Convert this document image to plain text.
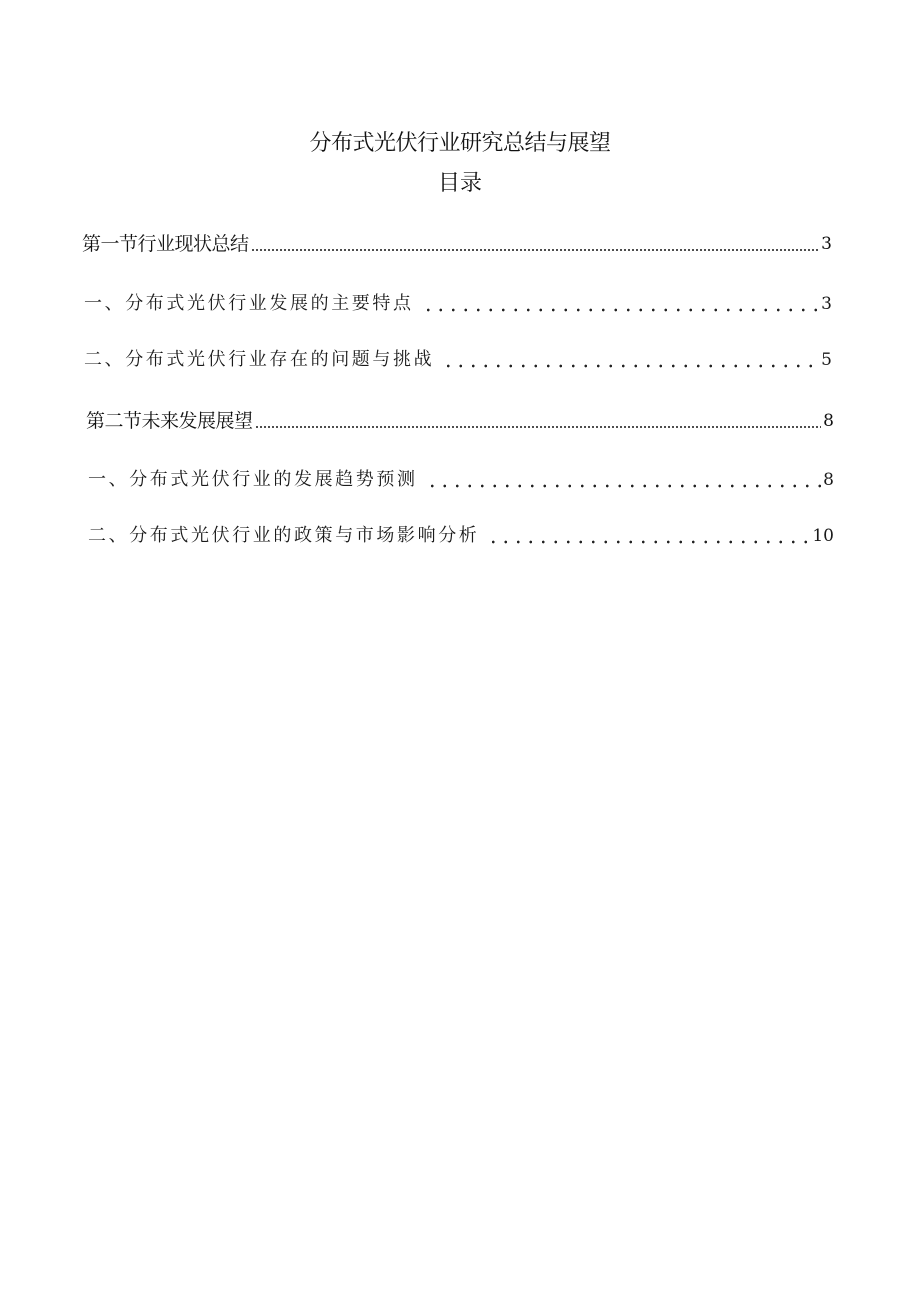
分布式光伏行业研究总结与展望
目录
第一节行业现状总结	3
一、分布式光伏行业发展的主要特点	3
二、分布式光伏行业存在的问题与挑战	5
第二节未来发展展望	8
一、分布式光伏行业的发展趋势预测	8
二、分布式光伏行业的政策与市场影响分析	10
